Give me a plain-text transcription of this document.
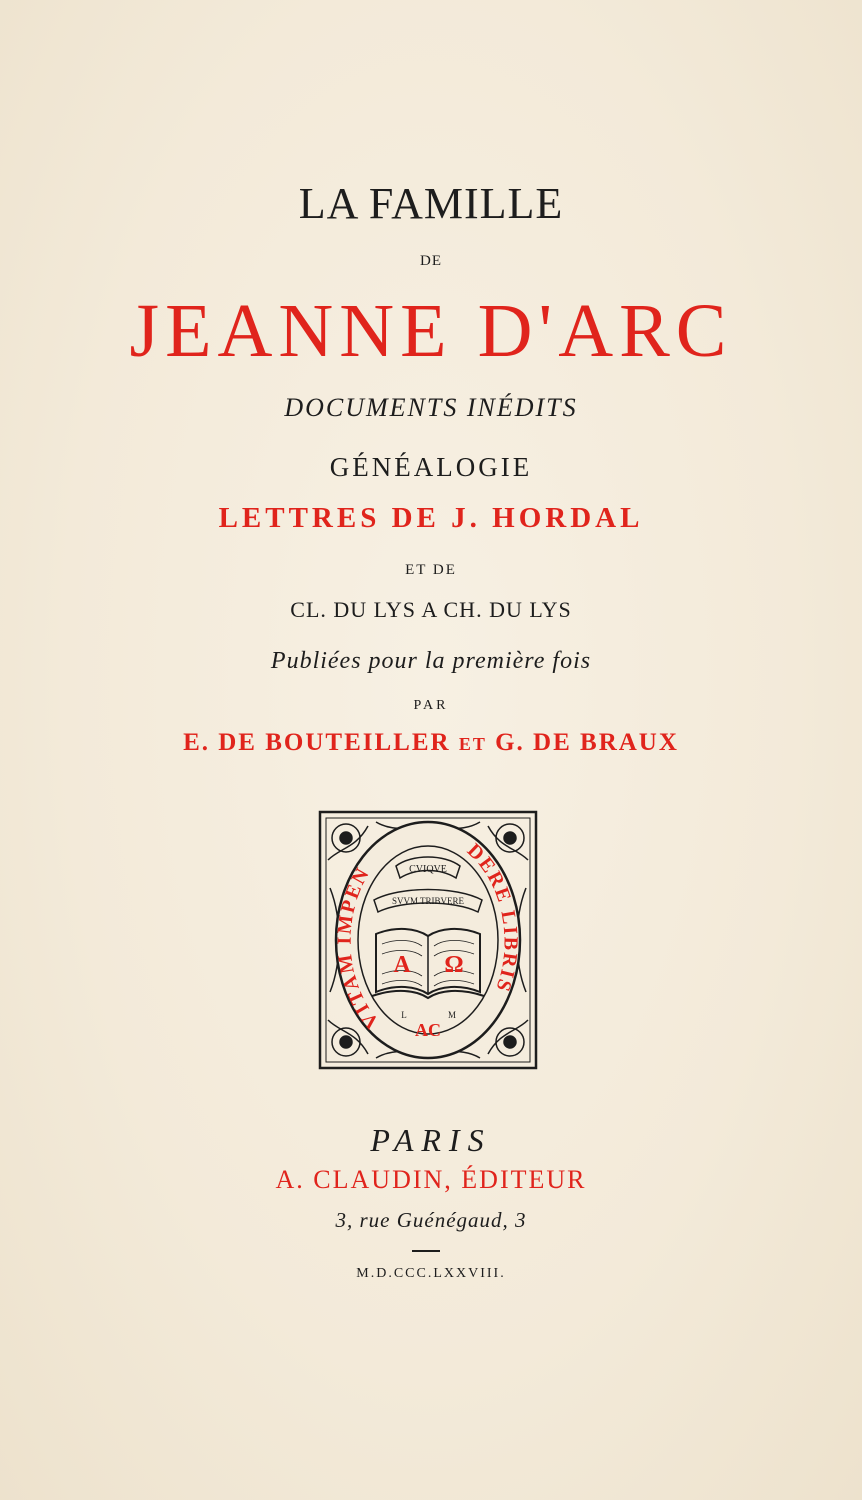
LA FAMILLE
DE
JEANNE D'ARC
DOCUMENTS INÉDITS
GÉNÉALOGIE
LETTRES DE J. HORDAL
ET DE
CL. DU LYS A CH. DU LYS
Publiées pour la première fois
PAR
E. DE BOUTEILLER ET G. DE BRAUX
VITAM IMPEN
DERE LIBRIS
CVIQVE
SVVM TRIBVERE
Α Ω
L	M
AC
PARIS
A. CLAUDIN, ÉDITEUR
3, rue Guénégaud, 3
M.D.CCC.LXXVIII.
